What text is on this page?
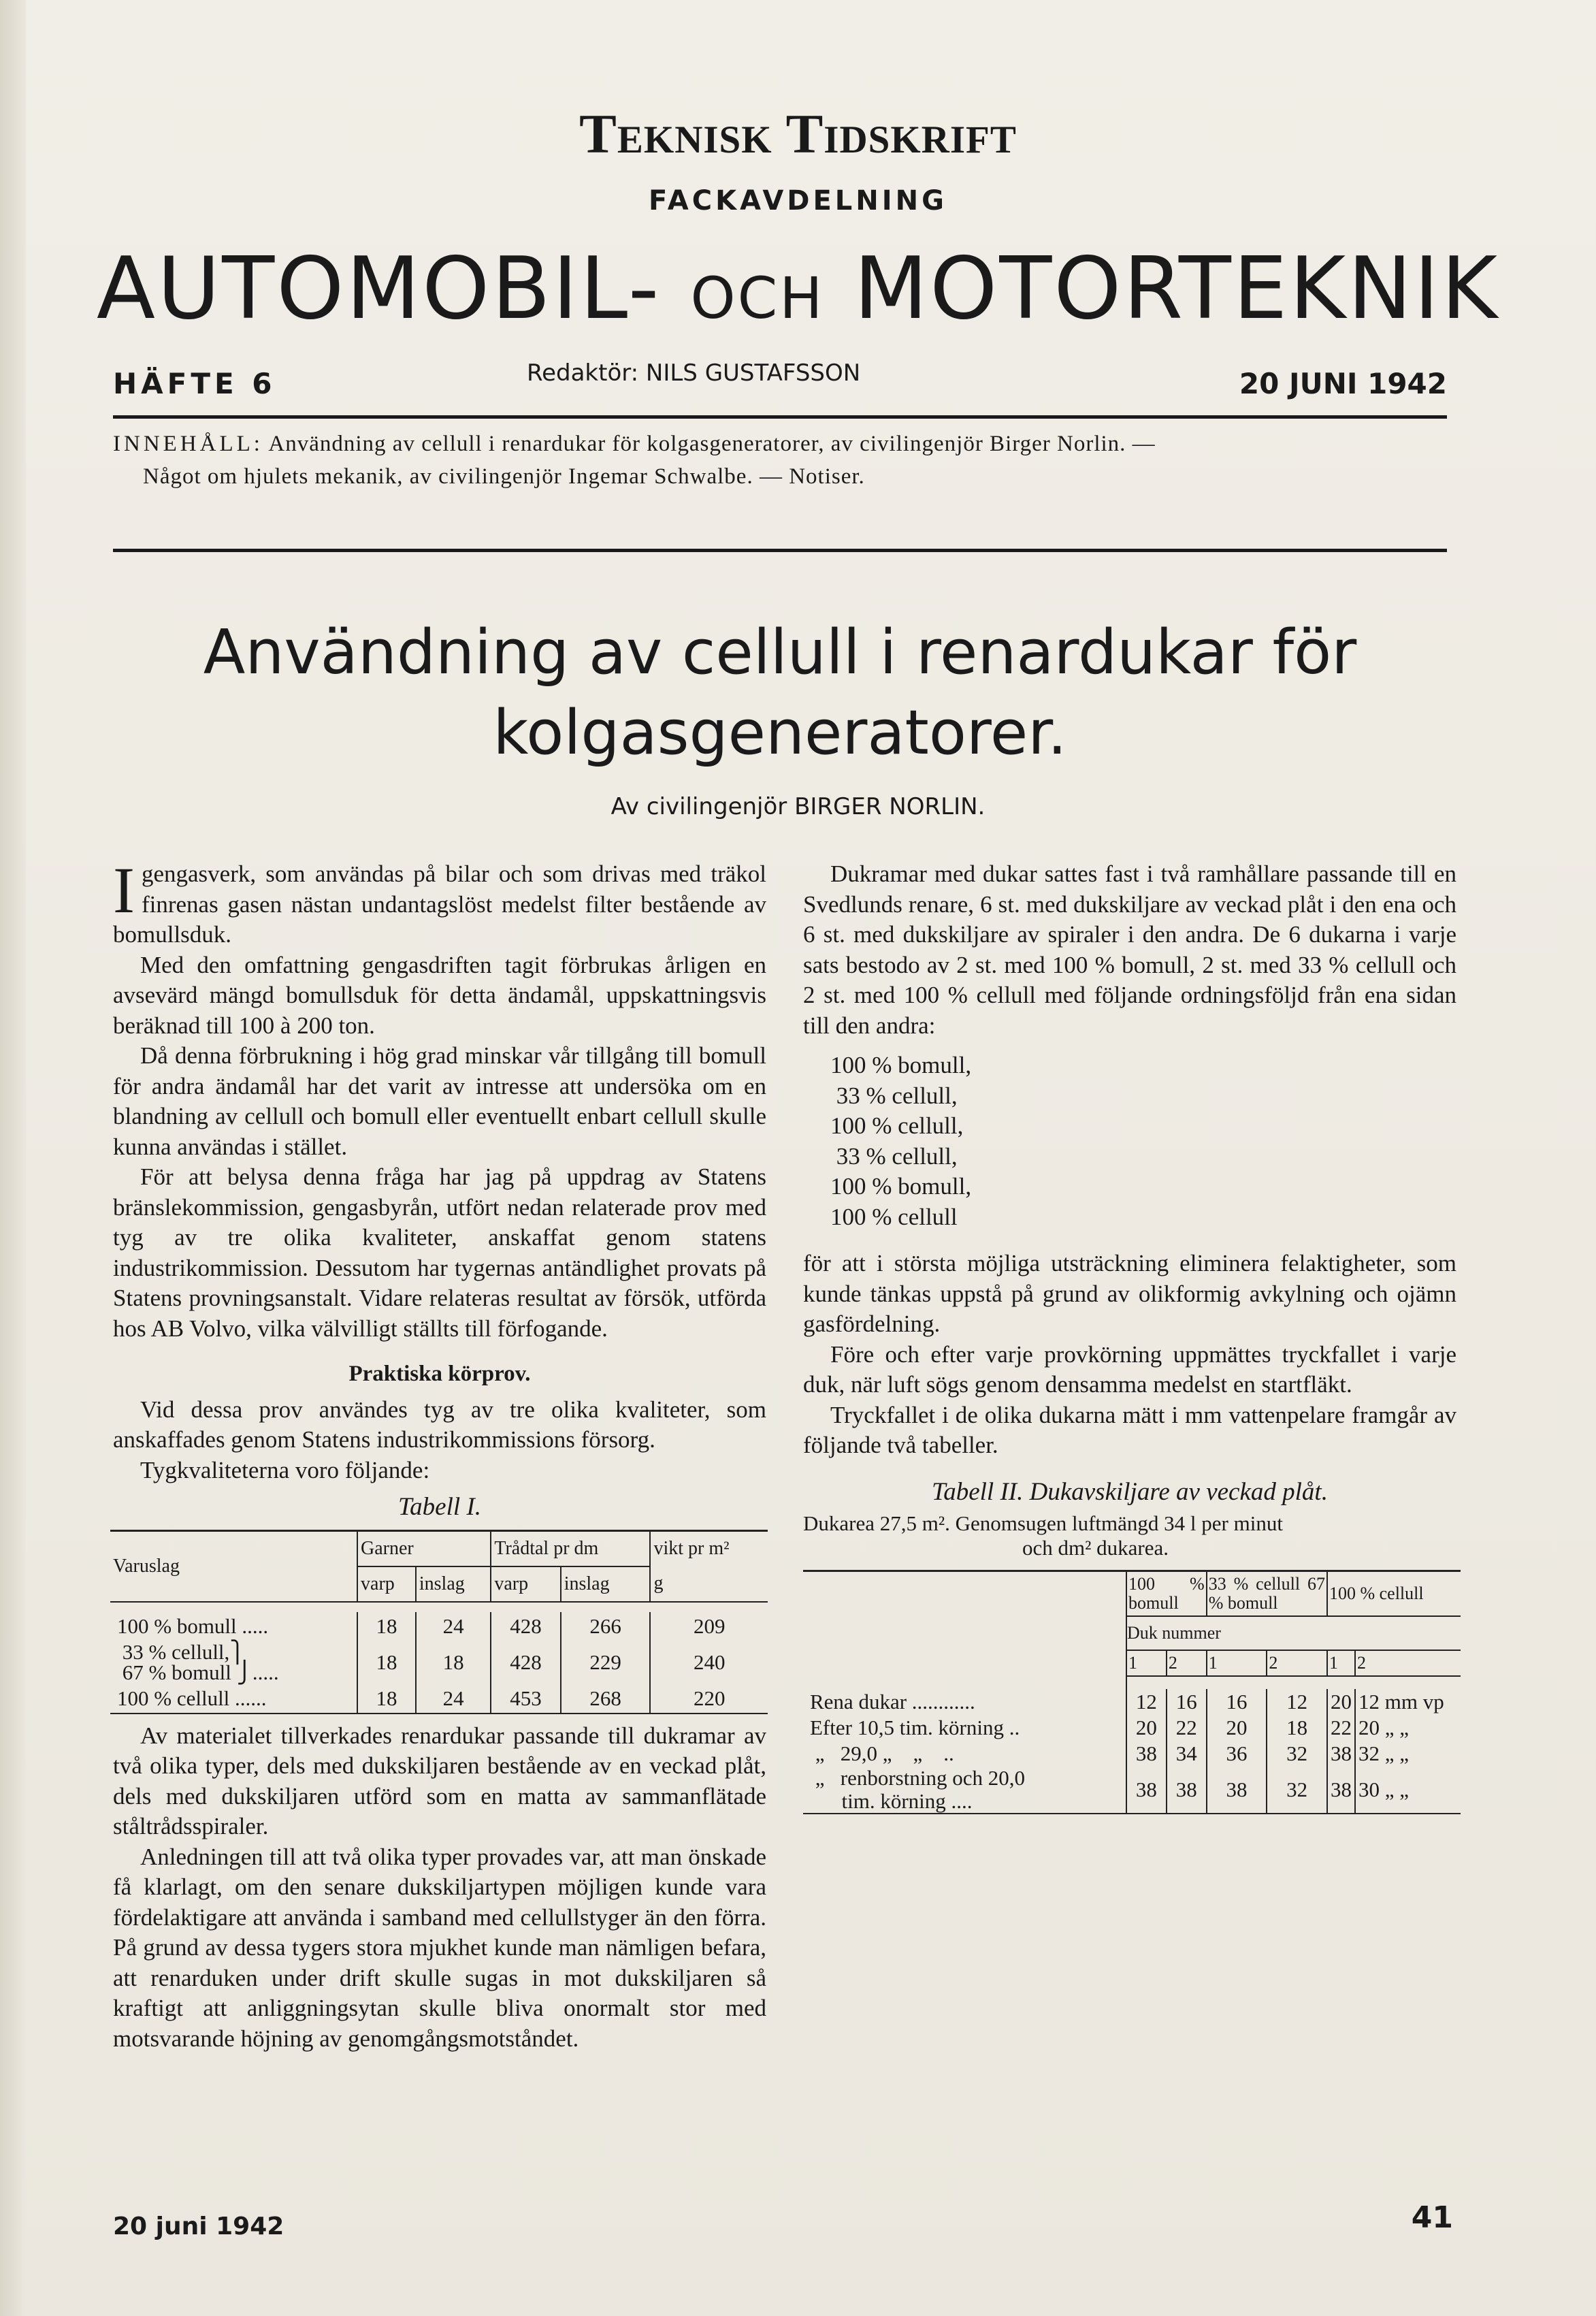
Teknisk Tidskrift
FACKAVDELNING
AUTOMOBIL- OCH MOTORTEKNIK
HÄFTE 6	Redaktör: NILS GUSTAFSSON	20 JUNI 1942
INNEHÅLL: Användning av cellull i renardukar för kolgasgeneratorer, av civilingenjör Birger Norlin. —
Något om hjulets mekanik, av civilingenjör Ingemar Schwalbe. — Notiser.
Användning av cellull i renardukar för
kolgasgeneratorer.
Av civilingenjör BIRGER NORLIN.

Igengasverk, som användas på bilar och som drivas med träkol finrenas gasen nästan undantagslöst medelst filter bestående av bomullsduk.

Med den omfattning gengasdriften tagit förbrukas årligen en avsevärd mängd bomullsduk för detta ändamål, uppskattningsvis beräknad till 100 à 200 ton.

Då denna förbrukning i hög grad minskar vår tillgång till bomull för andra ändamål har det varit av intresse att undersöka om en blandning av cellull och bomull eller eventuellt enbart cellull skulle kunna användas i stället.

För att belysa denna fråga har jag på uppdrag av Statens bränslekommission, gengasbyrån, utfört nedan relaterade prov med tyg av tre olika kvaliteter, anskaffat genom statens industrikommission. Dessutom har tygernas antändlighet provats på Statens provningsanstalt. Vidare relateras resultat av försök, utförda hos AB Volvo, vilka välvilligt ställts till förfogande.

Praktiska körprov.

Vid dessa prov användes tyg av tre olika kvaliteter, som anskaffades genom Statens industrikommissions försorg.

Tygkvaliteterna voro följande:

Tabell I.
Varuslag	Garner		Trådtal pr dm		vikt pr m²
	varp	inslag	varp	inslag	g

100 % bomull .....	18	24	428	266	209
33 % cellull,⎫
67 % bomull ⎭.....	18	18	428	229	240
100 % cellull ......	18	24	453	268	220

Av materialet tillverkades renardukar passande till dukramar av två olika typer, dels med dukskiljaren bestående av en veckad plåt, dels med dukskiljaren utförd som en matta av sammanflätade ståltrådsspiraler.

Anledningen till att två olika typer provades var, att man önskade få klarlagt, om den senare dukskiljartypen möjligen kunde vara fördelaktigare att använda i samband med cellullstyger än den förra. På grund av dessa tygers stora mjukhet kunde man nämligen befara, att renarduken under drift skulle sugas in mot dukskiljaren så kraftigt att anliggningsytan skulle bliva onormalt stor med motsvarande höjning av genomgångsmotståndet.

Dukramar med dukar sattes fast i två ramhållare passande till en Svedlunds renare, 6 st. med dukskiljare av veckad plåt i den ena och 6 st. med dukskiljare av spiraler i den andra. De 6 dukarna i varje sats bestodo av 2 st. med 100 % bomull, 2 st. med 33 % cellull och 2 st. med 100 % cellull med följande ordningsföljd från ena sidan till den andra:

100 % bomull,
33 % cellull,
100 % cellull,
33 % cellull,
100 % bomull,
100 % cellull

för att i största möjliga utsträckning eliminera felaktigheter, som kunde tänkas uppstå på grund av olikformig avkylning och ojämn gasfördelning.

Före och efter varje provkörning uppmättes tryckfallet i varje duk, när luft sögs genom densamma medelst en startfläkt.

Tryckfallet i de olika dukarna mätt i mm vattenpelare framgår av följande två tabeller.

Tabell II. Dukavskiljare av veckad plåt.
Dukarea 27,5 m². Genomsugen luftmängd 34 l per minut
och dm² dukarea.
	100 % bomull		33 % cellull 67 % bomull		100 % cellull	
	Duk nummer					
	1	2	1	2	1	2

Rena dukar ............	12	16	16	12	20	12 mm vp
Efter 10,5 tim. körning ..	20	22	20	18	22	20 „ „
„   29,0 „    „    ..	38	34	36	32	38	32 „ „
„   renborstning och 20,0
tim. körning ....	38	38	38	32	38	30 „ „
20 juni 1942	41
